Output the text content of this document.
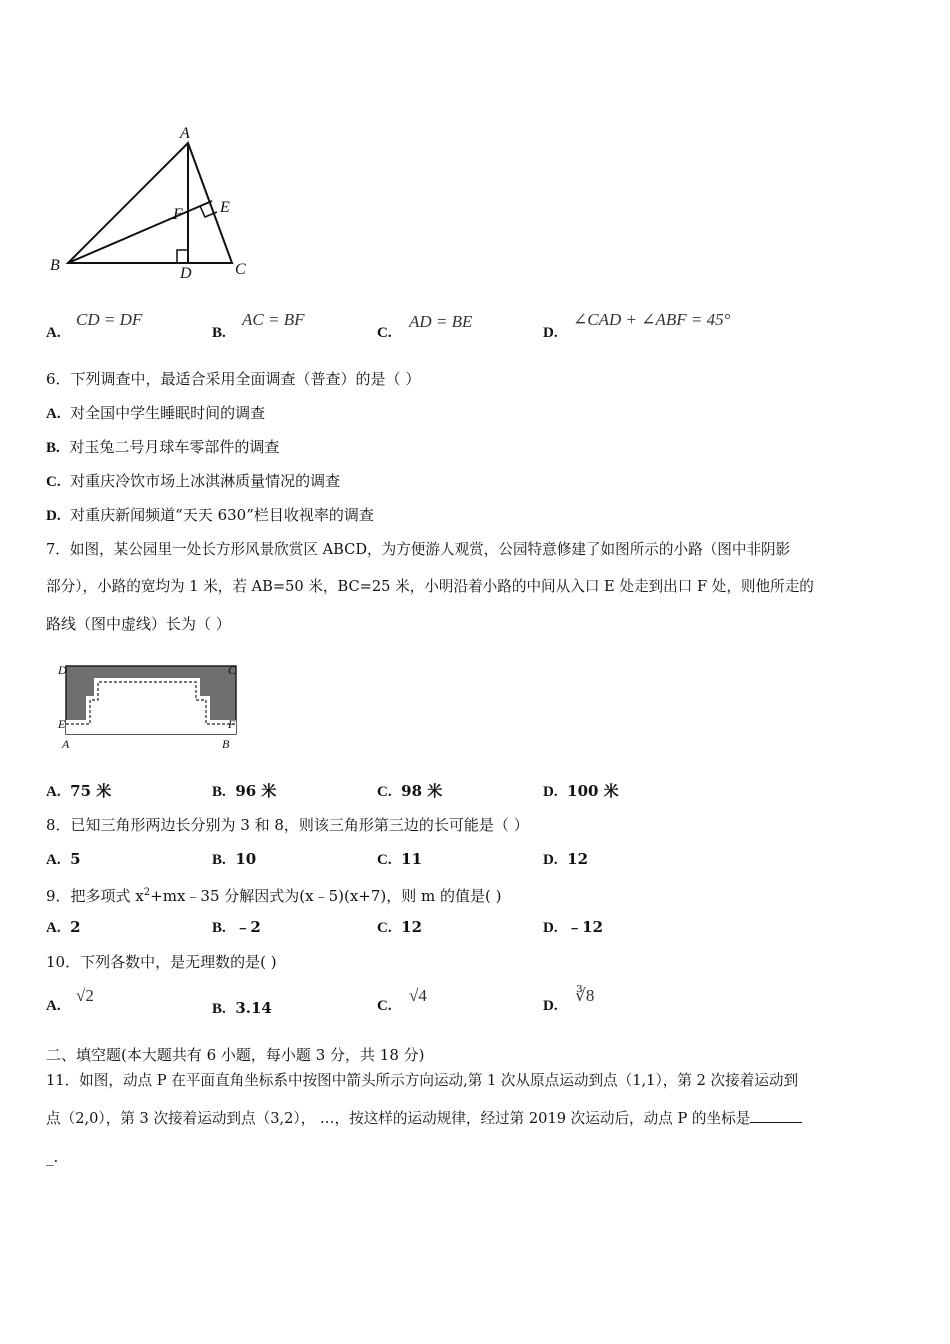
A
B	C
D
E
F
A.
CD = DF
B.
AC = BF
C.
AD = BE
D.
∠CAD + ∠ABF = 45°
6．下列调查中，最适合采用全面调查（普查）的是（ ）
A. 对全国中学生睡眠时间的调查
B. 对玉兔二号月球车零部件的调查
C. 对重庆冷饮市场上冰淇淋质量情况的调查
D. 对重庆新闻频道“天天 630”栏目收视率的调查
7．如图，某公园里一处长方形风景欣赏区 ABCD，为方便游人观赏，公园特意修建了如图所示的小路（图中非阴影
部分），小路的宽均为 1 米，若 AB=50 米，BC=25 米，小明沿着小路的中间从入口 E 处走到出口 F 处，则他所走的
路线（图中虚线）长为（ ）
D	C
E	F
A	B
A. 75 米	B. 96 米	C. 98 米	D. 100 米
8．已知三角形两边长分别为 3 和 8，则该三角形第三边的长可能是（ ）
A. 5	B. 10	C. 11	D. 12
9．把多项式 $x^2+mx﹣35$ 分解因式为(x﹣5)(x+7)，则 m 的值是( )
A. 2	B. ﹣2	C. 12	D. ﹣12
10．下列各数中，是无理数的是( )
A.
√2
B. 3.14	C.
√4
D.
∛8
二、填空题(本大题共有 6 小题，每小题 3 分，共 18 分)
11．如图，动点 P 在平面直角坐标系中按图中箭头所示方向运动,第 1 次从原点运动到点（1,1），第 2 次接着运动到
点（2,0），第 3 次接着运动到点（3,2）， …，按这样的运动规律，经过第 2019 次运动后，动点 P 的坐标是
_.
